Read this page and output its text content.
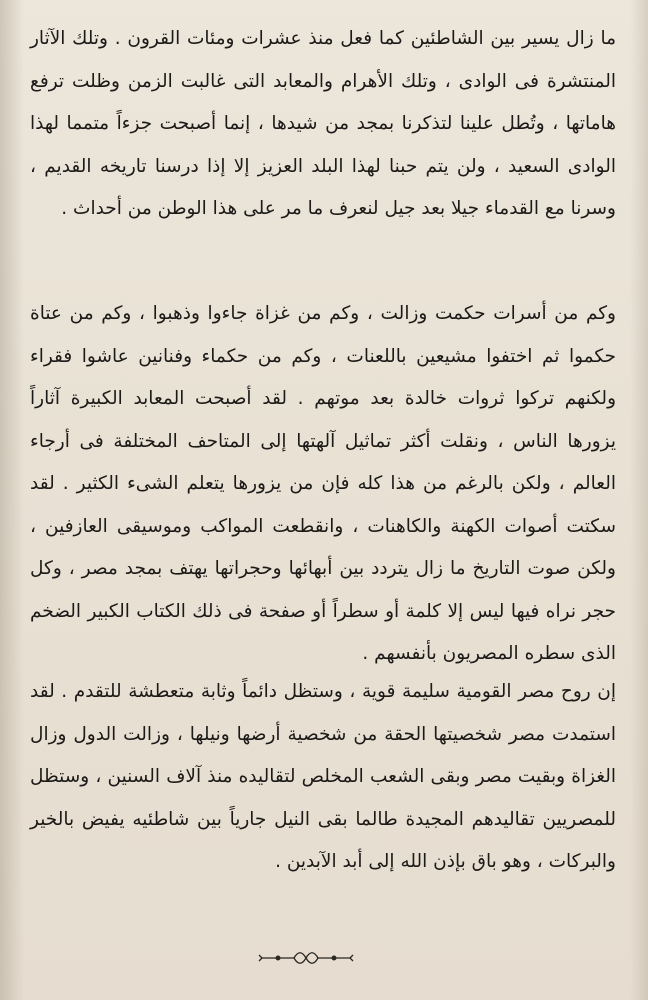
ما زال يسير بين الشاطئين كما فعل منذ عشرات ومئات القرون . وتلك الآثار المنتشرة فى الوادى ، وتلك الأهرام والمعابد التى غالبت الزمن وظلت ترفع هاماتها ، وتُطل علينا لتذكرنا بمجد من شيدها ، إنما أصبحت جزءاً متمما لهذا الوادى السعيد ، ولن يتم حبنا لهذا البلد العزيز إلا إذا درسنا تاريخه القديم ، وسرنا مع القدماء جيلا بعد جيل لنعرف ما مر على هذا الوطن من أحداث .

وكم من أسرات حكمت وزالت ، وكم من غزاة جاءوا وذهبوا ، وكم من عتاة حكموا ثم اختفوا مشيعين باللعنات ، وكم من حكماء وفنانين عاشوا فقراء ولكنهم تركوا ثروات خالدة بعد موتهم . لقد أصبحت المعابد الكبيرة آثاراً يزورها الناس ، ونقلت أكثر تماثيل آلهتها إلى المتاحف المختلفة فى أرجاء العالم ، ولكن بالرغم من هذا كله فإن من يزورها يتعلم الشىء الكثير . لقد سكتت أصوات الكهنة والكاهنات ، وانقطعت المواكب وموسيقى العازفين ، ولكن صوت التاريخ ما زال يتردد بين أبهائها وحجراتها يهتف بمجد مصر ، وكل حجر نراه فيها ليس إلا كلمة أو سطراً أو صفحة فى ذلك الكتاب الكبير الضخم الذى سطره المصريون بأنفسهم .

إن روح مصر القومية سليمة قوية ، وستظل دائماً وثابة متعطشة للتقدم . لقد استمدت مصر شخصيتها الحقة من شخصية أرضها ونيلها ، وزالت الدول وزال الغزاة وبقيت مصر وبقى الشعب المخلص لتقاليده منذ آلاف السنين ، وستظل للمصريين تقاليدهم المجيدة طالما بقى النيل جارياً بين شاطئيه يفيض بالخير والبركات ، وهو باق بإذن الله إلى أبد الآبدين .
